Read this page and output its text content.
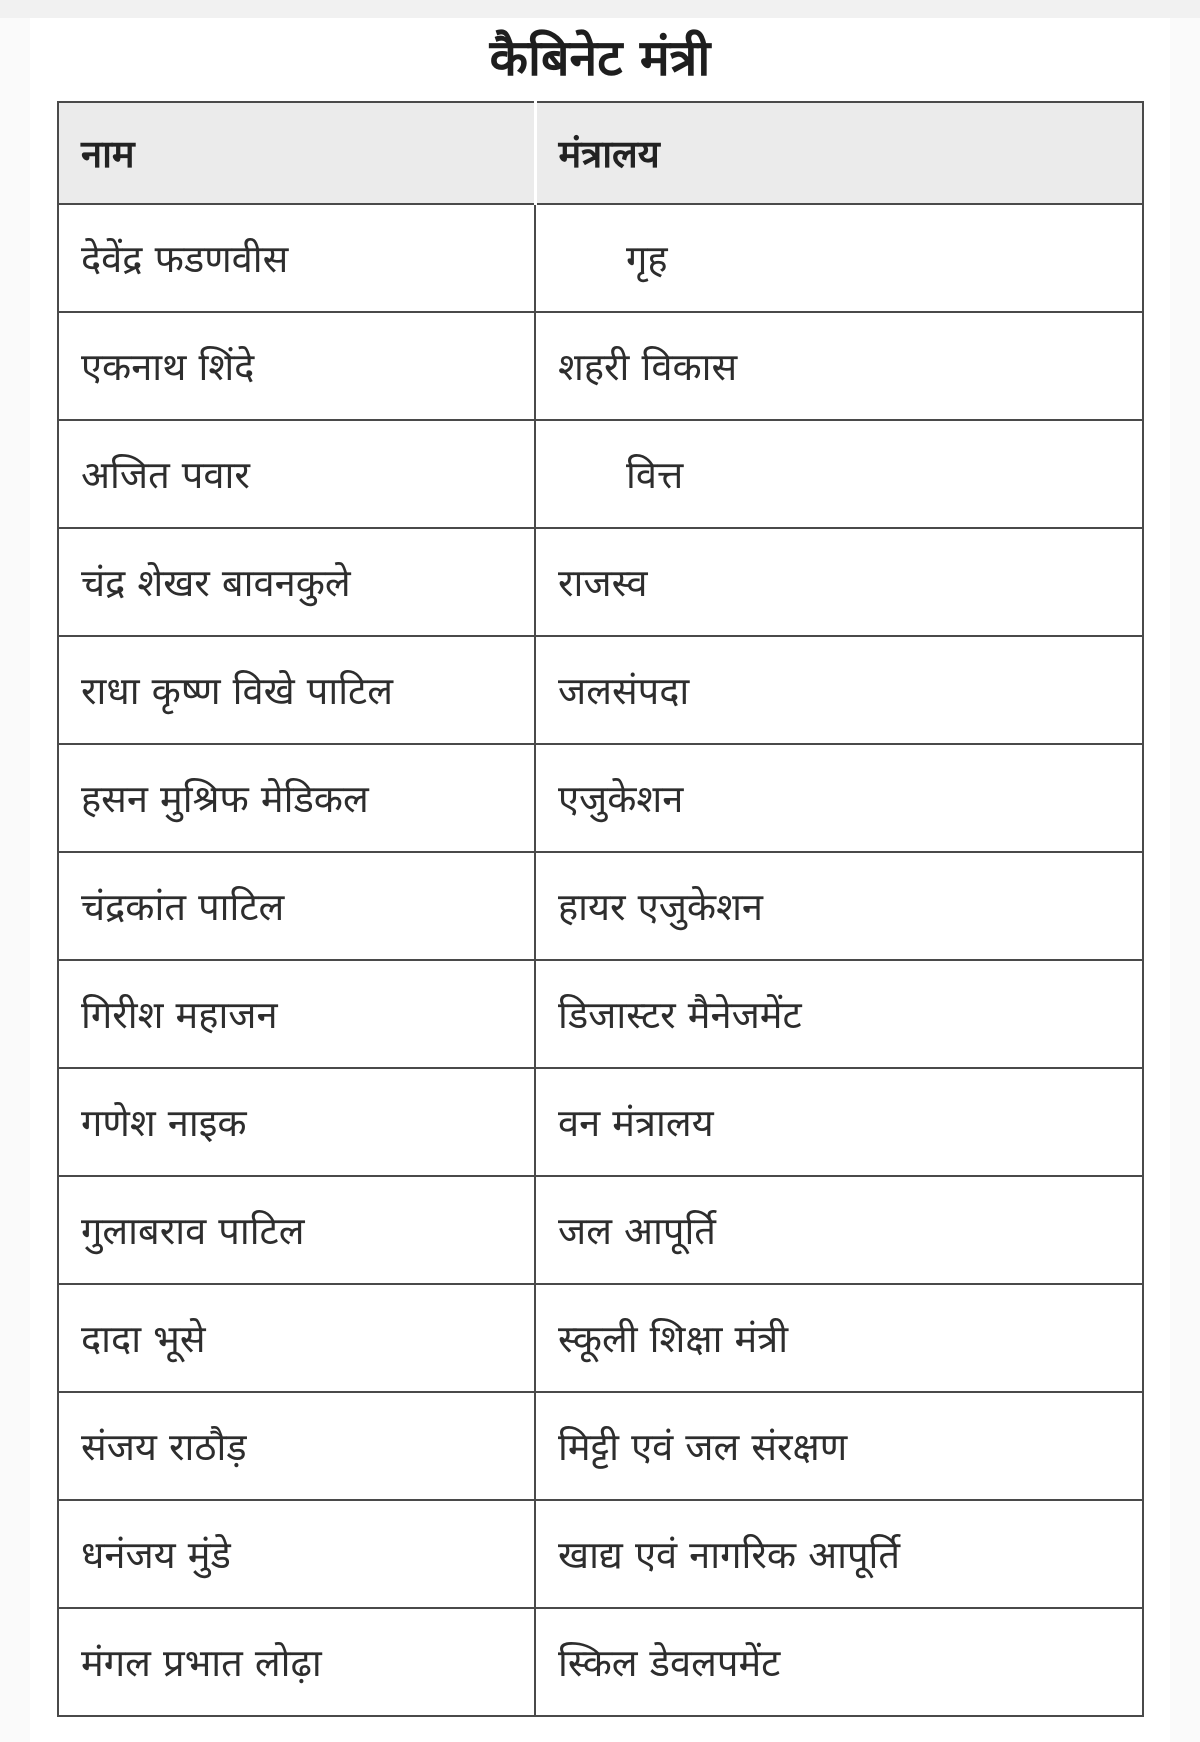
कैबिनेट मंत्री
नाम	मंत्रालय
देवेंद्र फडणवीस	गृह
एकनाथ शिंदे	शहरी विकास
अजित पवार	वित्त
चंद्र शेखर बावनकुले	राजस्व
राधा कृष्ण विखे पाटिल	जलसंपदा
हसन मुश्रिफ मेडिकल	एजुकेशन
चंद्रकांत पाटिल	हायर एजुकेशन
गिरीश महाजन	डिजास्टर मैनेजमेंट
गणेश नाइक	वन मंत्रालय
गुलाबराव पाटिल	जल आपूर्ति
दादा भूसे	स्कूली शिक्षा मंत्री
संजय राठौड़	मिट्टी एवं जल संरक्षण
धनंजय मुंडे	खाद्य एवं नागरिक आपूर्ति
मंगल प्रभात लोढ़ा	स्किल डेवलपमेंट
